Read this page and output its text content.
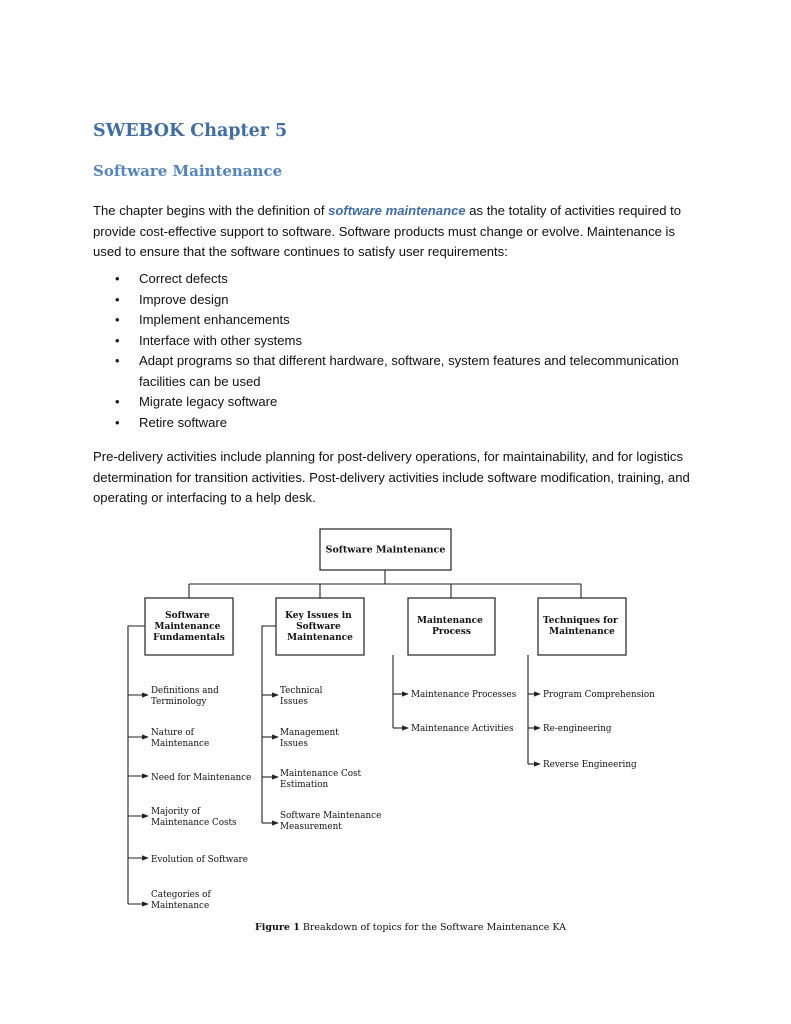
SWEBOK Chapter 5
Software Maintenance

The chapter begins with the definition of software maintenance as the totality of activities required to provide cost-effective support to software. Software products must change or evolve. Maintenance is used to ensure that the software continues to satisfy user requirements:

• Correct defects
• Improve design
• Implement enhancements
• Interface with other systems
• Adapt programs so that different hardware, software, system features and telecommunication facilities can be used
• Migrate legacy software
• Retire software

Pre-delivery activities include planning for post-delivery operations, for maintainability, and for logistics determination for transition activities. Post-delivery activities include software modification, training, and operating or interfacing to a help desk.

Software Maintenance
Software Maintenance Fundamentals
Key Issues in Software Maintenance
Maintenance Process
Techniques for Maintenance
Definitions and Terminology
Nature of Maintenance
Need for Maintenance
Majority of Maintenance Costs
Evolution of Software
Categories of Maintenance
Technical Issues
Management Issues
Maintenance Cost Estimation
Software Maintenance Measurement
Maintenance Processes
Maintenance Activities
Program Comprehension
Re-engineering
Reverse Engineering
Figure 1 Breakdown of topics for the Software Maintenance KA
